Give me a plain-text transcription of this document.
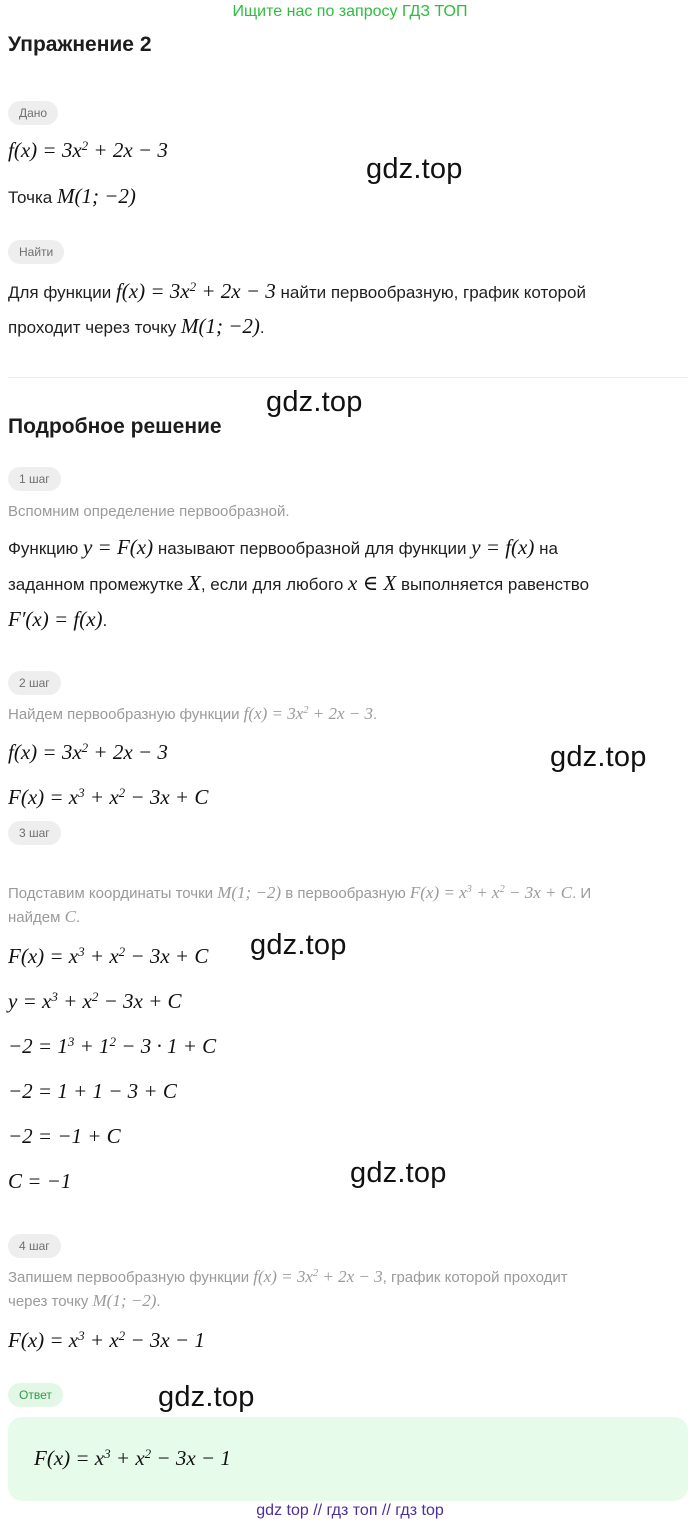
Ищите нас по запросу ГДЗ ТОП
Упражнение 2
Дано
$f(x) = 3x^2 + 2x - 3$
Точка M(1; −2)
Найти
Для функции $f(x) = 3x^2 + 2x - 3$ найти первообразную, график которой
проходит через точку M(1; −2).
Подробное решение
1 шаг
Вспомним определение первообразной.
Функцию y = F(x) называют первообразной для функции y = f(x) на
заданном промежутке X, если для любого x ∈ X выполняется равенство
F′(x) = f(x).
2 шаг
Найдем первообразную функции $f(x) = 3x^2 + 2x - 3$.
$f(x) = 3x^2 + 2x - 3$
$F(x) = x^3 + x^2 - 3x + C$
3 шаг
Подставим координаты точки M(1; −2) в первообразную $F(x) = x^3 + x^2 - 3x + C$. И
найдем C.
$F(x) = x^3 + x^2 - 3x + C$
$y = x^3 + x^2 - 3x + C$
$-2 = 1^3 + 1^2 - 3 \cdot 1 + C$
−2 = 1 + 1 − 3 + C
−2 = −1 + C
C = −1
4 шаг
Запишем первообразную функции $f(x) = 3x^2 + 2x - 3$, график которой проходит
через точку M(1; −2).
$F(x) = x^3 + x^2 - 3x - 1$
Ответ
$F(x) = x^3 + x^2 - 3x - 1$
gdz.top
gdz.top
gdz.top
gdz.top
gdz.top
gdz.top
gdz top // гдз топ // гдз top
